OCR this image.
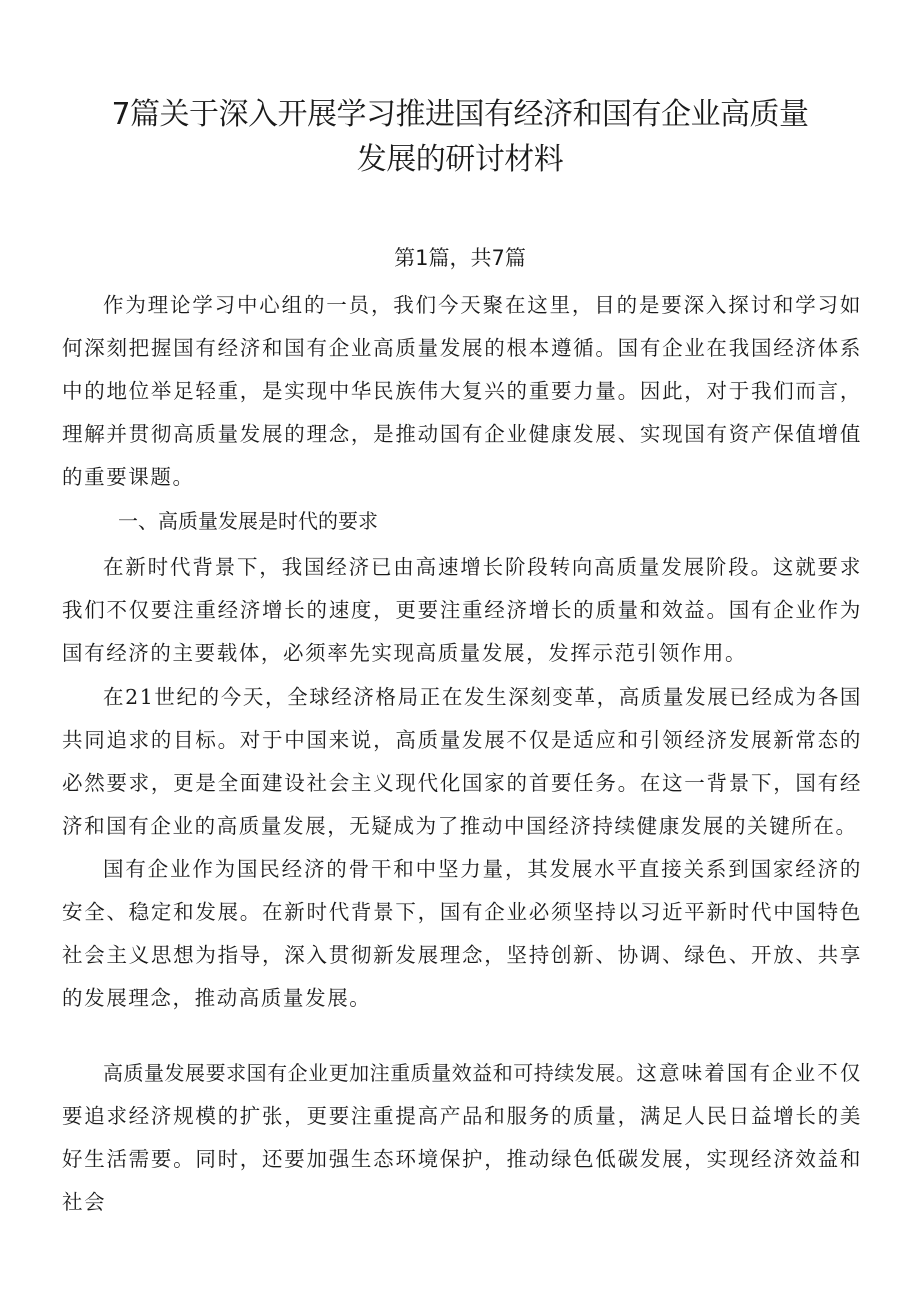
7篇关于深入开展学习推进国有经济和国有企业高质量
发展的研讨材料
第1篇，共7篇

作为理论学习中心组的一员，我们今天聚在这里，目的是要深入探讨和学习如何深刻把握国有经济和国有企业高质量发展的根本遵循。国有企业在我国经济体系中的地位举足轻重，是实现中华民族伟大复兴的重要力量。因此，对于我们而言，理解并贯彻高质量发展的理念，是推动国有企业健康发展、实现国有资产保值增值的重要课题。

一、高质量发展是时代的要求

在新时代背景下，我国经济已由高速增长阶段转向高质量发展阶段。这就要求我们不仅要注重经济增长的速度，更要注重经济增长的质量和效益。国有企业作为国有经济的主要载体，必须率先实现高质量发展，发挥示范引领作用。

在21世纪的今天，全球经济格局正在发生深刻变革，高质量发展已经成为各国共同追求的目标。对于中国来说，高质量发展不仅是适应和引领经济发展新常态的必然要求，更是全面建设社会主义现代化国家的首要任务。在这一背景下，国有经济和国有企业的高质量发展，无疑成为了推动中国经济持续健康发展的关键所在。

国有企业作为国民经济的骨干和中坚力量，其发展水平直接关系到国家经济的安全、稳定和发展。在新时代背景下，国有企业必须坚持以习近平新时代中国特色社会主义思想为指导，深入贯彻新发展理念，坚持创新、协调、绿色、开放、共享的发展理念，推动高质量发展。

高质量发展要求国有企业更加注重质量效益和可持续发展。这意味着国有企业不仅要追求经济规模的扩张，更要注重提高产品和服务的质量，满足人民日益增长的美好生活需要。同时，还要加强生态环境保护，推动绿色低碳发展，实现经济效益和社会
